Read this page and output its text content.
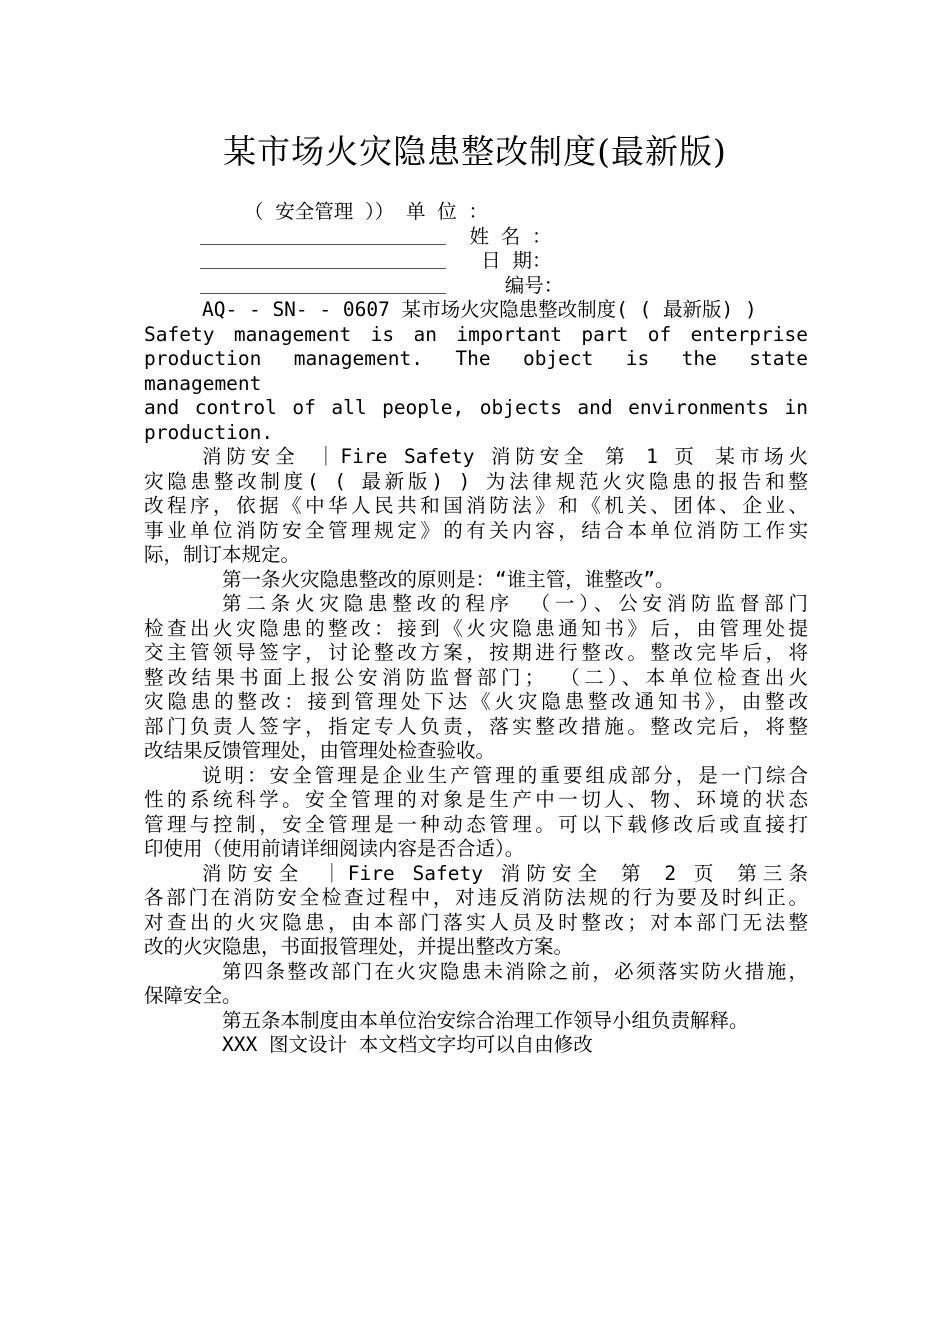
某市场火灾隐患整改制度(最新版)
（ 安全管理 ）） 单 位 ：
姓 名 ：
日 期：
编号：
AQ- - SN- - 0607 某市场火灾隐患整改制度( ( 最新版) )
Safety management is an important part of enterprise
production management. The object is the state management
and control of all people, objects and environments in
production.
消防安全 ｜Fire Safety 消防安全 第 1 页 某市场火
灾隐患整改制度( ( 最新版) ) 为法律规范火灾隐患的报告和整
改程序，依据《中华人民共和国消防法》和《机关、团体、企业、
事业单位消防安全管理规定》的有关内容，结合本单位消防工作实
际，制订本规定。
第一条火灾隐患整改的原则是：“谁主管，谁整改”。
第二条火灾隐患整改的程序 （一）、公安消防监督部门
检查出火灾隐患的整改：接到《火灾隐患通知书》后，由管理处提
交主管领导签字，讨论整改方案，按期进行整改。整改完毕后，将
整改结果书面上报公安消防监督部门； （二）、本单位检查出火
灾隐患的整改：接到管理处下达《火灾隐患整改通知书》，由整改
部门负责人签字，指定专人负责，落实整改措施。整改完后，将整
改结果反馈管理处，由管理处检查验收。
说明：安全管理是企业生产管理的重要组成部分，是一门综合
性的系统科学。安全管理的对象是生产中一切人、物、环境的状态
管理与控制，安全管理是一种动态管理。可以下载修改后或直接打
印使用（使用前请详细阅读内容是否合适）。
消防安全 ｜Fire Safety 消防安全 第 2 页 第三条
各部门在消防安全检查过程中，对违反消防法规的行为要及时纠正。
对查出的火灾隐患，由本部门落实人员及时整改；对本部门无法整
改的火灾隐患，书面报管理处，并提出整改方案。
第四条整改部门在火灾隐患未消除之前，必须落实防火措施，
保障安全。
第五条本制度由本单位治安综合治理工作领导小组负责解释。
XXX 图文设计 本文档文字均可以自由修改
